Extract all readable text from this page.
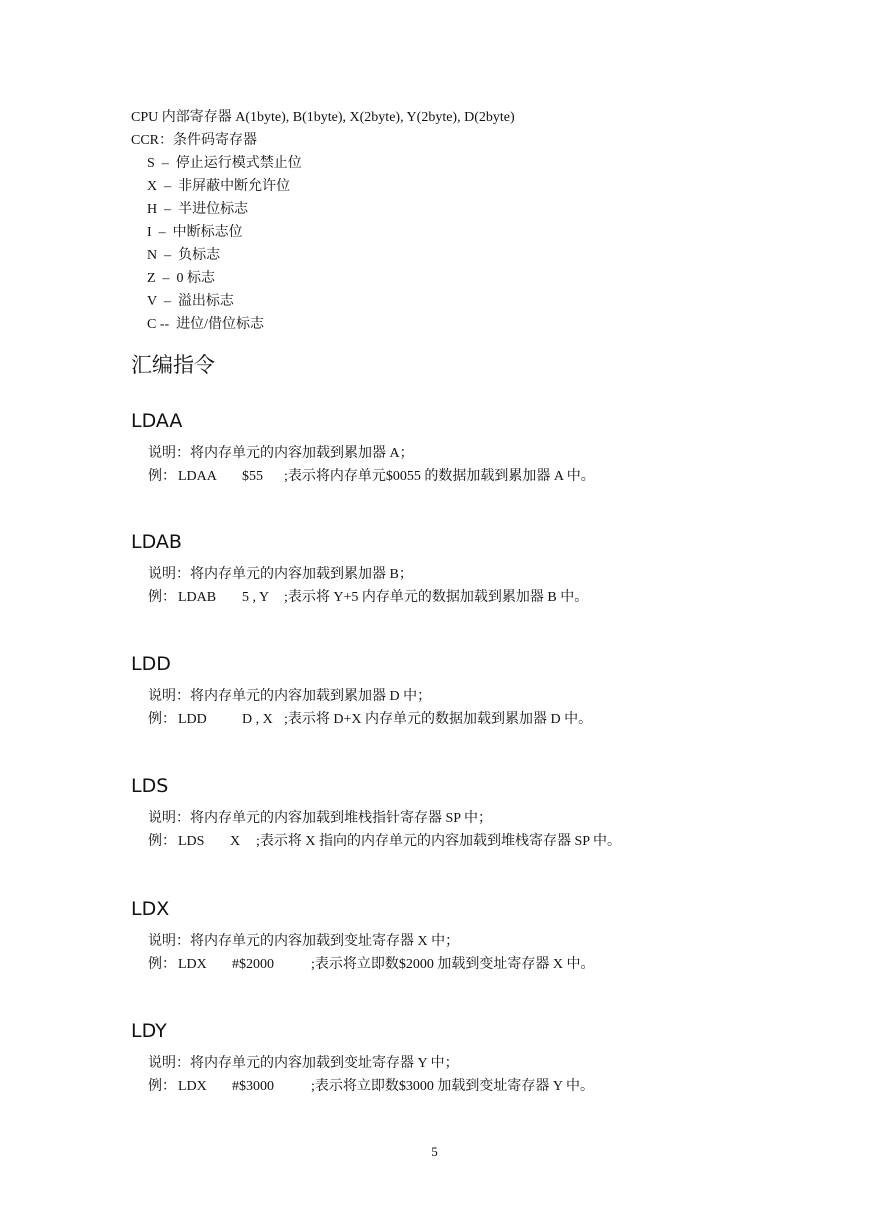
CPU 内部寄存器 A(1byte), B(1byte), X(2byte), Y(2byte), D(2byte)
CCR：条件码寄存器
S  –  停止运行模式禁止位
X  –  非屏蔽中断允许位
H  –  半进位标志
I  –  中断标志位
N  –  负标志
Z  –  0 标志
V  –  溢出标志
C --  进位/借位标志
汇编指令
LDAA
说明：将内存单元的内容加载到累加器 A；
例： LDAA $55 ;表示将内存单元$0055 的数据加载到累加器 A 中。
LDAB
说明：将内存单元的内容加载到累加器 B；
例： LDAB 5 , Y ;表示将 Y+5 内存单元的数据加载到累加器 B 中。
LDD
说明：将内存单元的内容加载到累加器 D 中；
例： LDD	D , X ;表示将 D+X 内存单元的数据加载到累加器 D 中。
LDS
说明：将内存单元的内容加载到堆栈指针寄存器 SP 中；
例： LDS X ;表示将 X 指向的内存单元的内容加载到堆栈寄存器 SP 中。
LDX
说明：将内存单元的内容加载到变址寄存器 X 中；
例： LDX #$2000	;表示将立即数$2000 加载到变址寄存器 X 中。
LDY
说明：将内存单元的内容加载到变址寄存器 Y 中；
例： LDX #$3000	;表示将立即数$3000 加载到变址寄存器 Y 中。
5
